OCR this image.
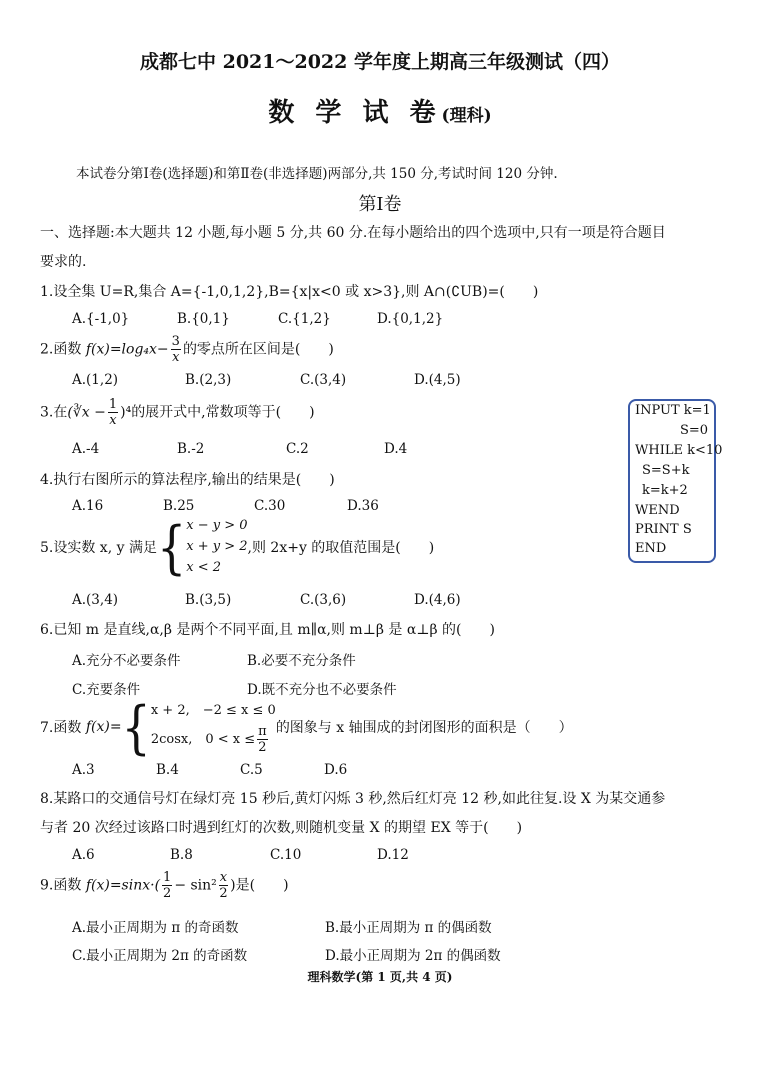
成都七中 2021～2022 学年度上期高三年级测试（四）
数 学 试 卷(理科)
本试卷分第Ⅰ卷(选择题)和第Ⅱ卷(非选择题)两部分,共 150 分,考试时间 120 分钟.
第Ⅰ卷
一、选择题:本大题共 12 小题,每小题 5 分,共 60 分.在每小题给出的四个选项中,只有一项是符合题目
要求的.
1.设全集 U=R,集合 A={-1,0,1,2},B={x|x<0 或 x>3},则 A∩(∁UB)=(　　)
A.{-1,0}	B.{0,1}	C.{1,2}	D.{0,1,2}
2.函数 $f(x)=\log_4x- \frac{3}{x}$ 的零点所在区间是(　　)
A.(1,2)	B.(2,3)	C.(3,4)	D.(4,5)
3.在(∛x − $\frac{1}{x} )^4$的展开式中,常数项等于(　　)
A.-4	B.-2	C.2	D.4
INPUT k=1
S=0
WHILE k<10
S=S+k
k=k+2
WEND
PRINT S
END
4.执行右图所示的算法程序,输出的结果是(　　)
A.16	B.25	C.30	D.36
5.设实数 x, y 满足{ x − y > 0
x + y > 2
x < 2
,则 2x+y 的取值范围是(　　)
A.(3,4)	B.(3,5)	C.(3,6)	D.(4,6)
6.已知 m 是直线,α,β 是两个不同平面,且 m∥α,则 m⊥β 是 α⊥β 的(　　)
A.充分不必要条件	B.必要不充分条件
C.充要条件	D.既不充分也不必要条件
7.函数 f(x)={ x + 2,　−2 ≤ x ≤ 0
2cosx,　$0 < x \le \frac{\pi}{2}$ 的图象与 x 轴围成的封闭图形的面积是（　　）
A.3	B.4	C.5	D.6
8.某路口的交通信号灯在绿灯亮 15 秒后,黄灯闪烁 3 秒,然后红灯亮 12 秒,如此往复.设 X 为某交通参
与者 20 次经过该路口时遇到红灯的次数,则随机变量 X 的期望 EX 等于(　　)
A.6	B.8	C.10	D.12
9.函数 $f(x)=\sin x\cdot( \frac{1}{2} - \sin^2 \frac{x}{2}$ )是(　　)
A.最小正周期为 π 的奇函数	B.最小正周期为 π 的偶函数
C.最小正周期为 2π 的奇函数	D.最小正周期为 2π 的偶函数
理科数学(第 1 页,共 4 页)
